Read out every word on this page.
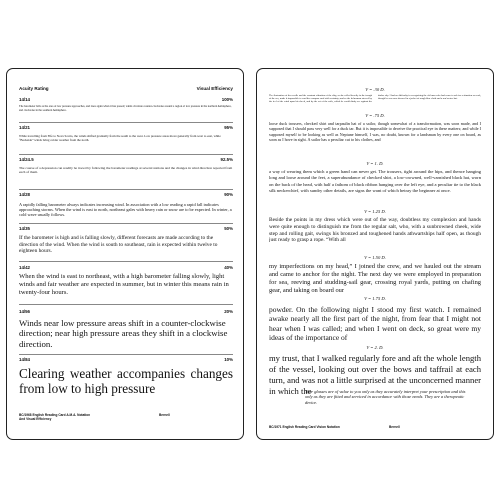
Acuity Rating	Visual Efficiency
14/14	100%
The barometer falls as the area of low pressure approaches, and rises again when it has passed; winds circulate counter-clockwise around a region of low pressure in the northern hemisphere, and clockwise in the southern hemisphere.
14/21	95%
While travelling from Fife to Nova Scotia, the winds shifted gradually from the south to the west. Low pressure areas move generally from west to east, while “Backside” winds bring colder weather from the north.
14/24.5	92.5%
The course of a depression can readily be traced by following the barometer readings at several stations and the changes in wind direction reported from each of them.
14/28	90%
A rapidly falling barometer always indicates increasing wind. In association with a low reading a rapid fall indicates approaching storms. When the wind is east to north, northeast gales with heavy rain or snow are to be expected. In winter, a cold wave usually follows.
14/35	50%
If the barometer is high and is falling slowly, different forecasts are made according to the direction of the wind. When the wind is south to southeast, rain is expected within twelve to eighteen hours.
14/42	40%
When the wind is east to northeast, with a high barometer falling slowly, light winds and fair weather are expected in summer, but in winter this means rain in twenty-four hours.
14/56	20%
Winds near low pressure areas shift in a counter-clockwise direction; near high pressure areas they shift in a clockwise direction.
14/84	10%
Clearing weather accompanies changes from low to high pressure
BC/1968 English Reading Card A.M.A. Notation
And Visual Efficiency
Bernell
V = .30 D.
The fluctuation of the needle and the constant vibration of the ship, as she rolled heavily in the trough of the sea, made it impossible to read the compass card with certainty; and so the helmsman steered by the feel of the wind upon his cheek, and by the set of the sails, which he could dimly see against the darker sky. I had no difficulty in recognizing the old man who had come to ask for a situation as cook, though he was now dressed in a jacket of rough blue cloth and a sou'wester hat.
V = .75 D.
loose duck trousers, checked shirt and tarpaulin hat of a sailor, though somewhat of a transformation, was soon made, and I supposed that I should pass very well for a duck tar. But it is impossible to deceive the practical eye in these matters; and while I supposed myself to be looking as well as Neptune himself, I was, no doubt, known for a landsman by every one on board, as soon as I hove in sight. A sailor has a peculiar cut to his clothes, and
V = 1. D.
a way of wearing them which a green hand can never get. The trousers, tight around the hips, and thence hanging long and loose around the feet, a superabundance of checked shirt, a low-crowned, well-varnished black hat, worn on the back of the head, with half a fathom of black ribbon hanging over the left eye, and a peculiar tie to the black silk neckerchief, with sundry other details, are signs the want of which betray the beginner at once.
V = 1.25 D.
Beside the points in my dress which were out of the way, doubtless my complexion and hands were quite enough to distinguish me from the regular salt, who, with a sunbrowned cheek, wide step and rolling gait, swings his bronzed and toughened hands athwartships half open, as though just ready to grasp a rope. “With all
V = 1.50 D.
my imperfections on my head,” I joined the crew, and we hauled out the stream and came to anchor for the night. The next day we were employed in preparation for sea, reeving and studding-sail gear, crossing royal yards, putting on chafing gear, and taking on board our
V = 1.75 D.
powder. On the following night I stood my first watch. I remained awake nearly all the first part of the night, from fear that I might not hear when I was called; and when I went on deck, so great were my ideas of the importance of
V = 2. D.
my trust, that I walked regularly fore and aft the whole length of the vessel, looking out over the bows and taffrail at each turn, and was not a little surprised at the unconcerned manner in which the
Your glasses are of value to you only as they accurately interpret your prescription and this only as they are fitted and serviced in accordance with those needs. They are a therapeutic device.
BC/1971 English Reading Card Vision Notation	Bernell
